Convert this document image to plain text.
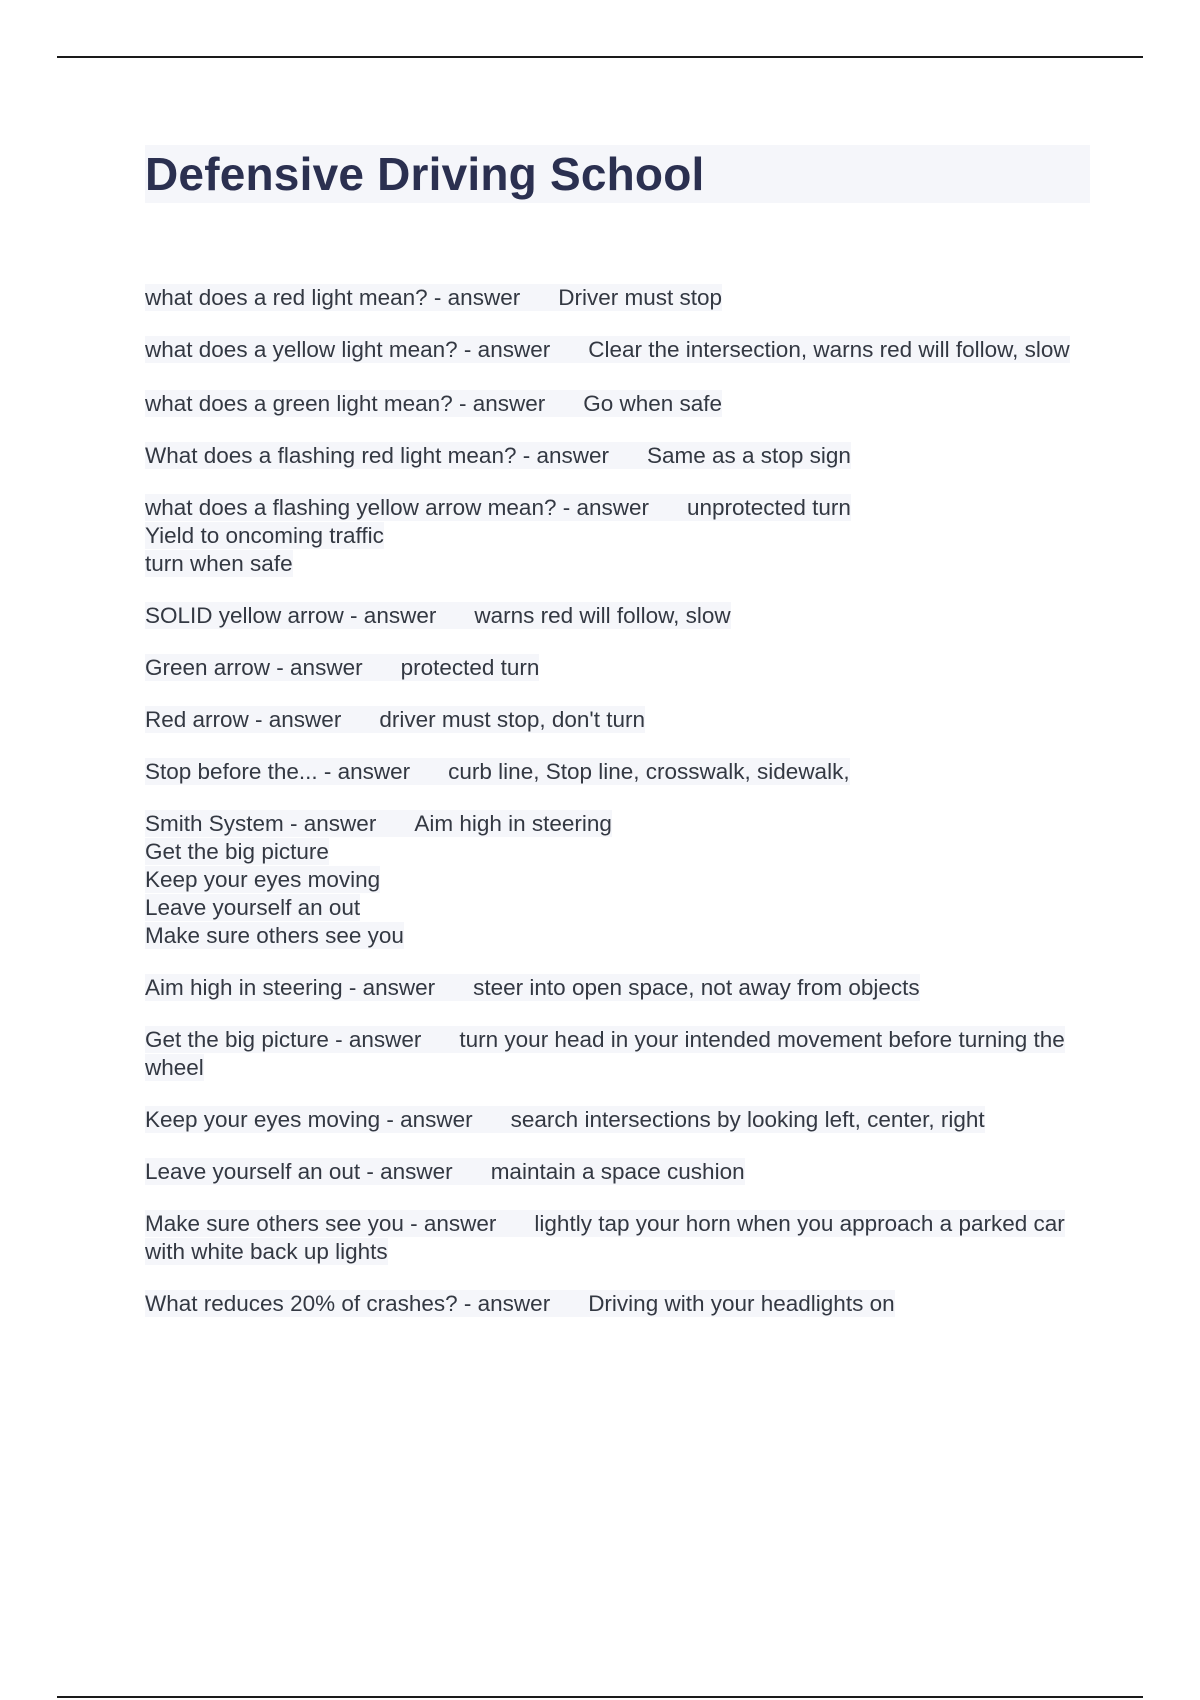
Defensive Driving School

what does a red light mean? - answer Driver must stop

what does a yellow light mean? - answer Clear the intersection, warns red will follow, slow

what does a green light mean? - answer Go when safe

What does a flashing red light mean? - answer Same as a stop sign

what does a flashing yellow arrow mean? - answer unprotected turn
Yield to oncoming traffic
turn when safe

SOLID yellow arrow - answer warns red will follow, slow

Green arrow - answer protected turn

Red arrow - answer driver must stop, don't turn

Stop before the... - answer curb line, Stop line, crosswalk, sidewalk,

Smith System - answer Aim high in steering
Get the big picture
Keep your eyes moving
Leave yourself an out
Make sure others see you

Aim high in steering - answer steer into open space, not away from objects

Get the big picture - answer turn your head in your intended movement before turning the wheel

Keep your eyes moving - answer search intersections by looking left, center, right

Leave yourself an out - answer maintain a space cushion

Make sure others see you - answer lightly tap your horn when you approach a parked car with white back up lights

What reduces 20% of crashes? - answer Driving with your headlights on
